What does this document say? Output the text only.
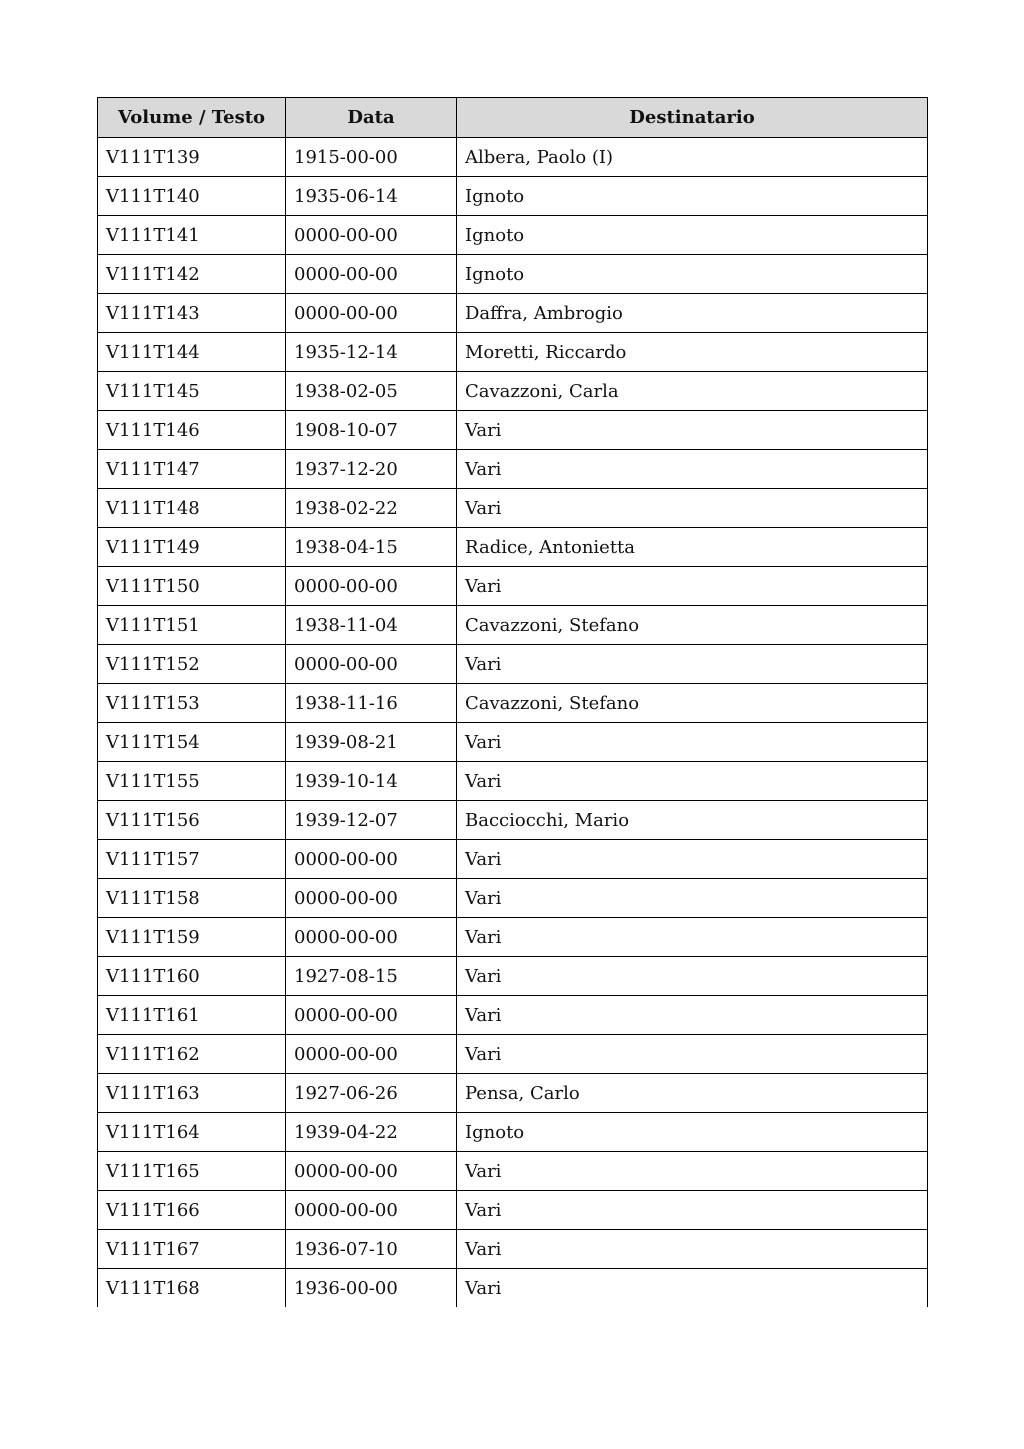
Volume / Testo	Data	Destinatario
V111T139	1915-00-00	Albera, Paolo (I)
V111T140	1935-06-14	Ignoto
V111T141	0000-00-00	Ignoto
V111T142	0000-00-00	Ignoto
V111T143	0000-00-00	Daffra, Ambrogio
V111T144	1935-12-14	Moretti, Riccardo
V111T145	1938-02-05	Cavazzoni, Carla
V111T146	1908-10-07	Vari
V111T147	1937-12-20	Vari
V111T148	1938-02-22	Vari
V111T149	1938-04-15	Radice, Antonietta
V111T150	0000-00-00	Vari
V111T151	1938-11-04	Cavazzoni, Stefano
V111T152	0000-00-00	Vari
V111T153	1938-11-16	Cavazzoni, Stefano
V111T154	1939-08-21	Vari
V111T155	1939-10-14	Vari
V111T156	1939-12-07	Bacciocchi, Mario
V111T157	0000-00-00	Vari
V111T158	0000-00-00	Vari
V111T159	0000-00-00	Vari
V111T160	1927-08-15	Vari
V111T161	0000-00-00	Vari
V111T162	0000-00-00	Vari
V111T163	1927-06-26	Pensa, Carlo
V111T164	1939-04-22	Ignoto
V111T165	0000-00-00	Vari
V111T166	0000-00-00	Vari
V111T167	1936-07-10	Vari
V111T168	1936-00-00	Vari
